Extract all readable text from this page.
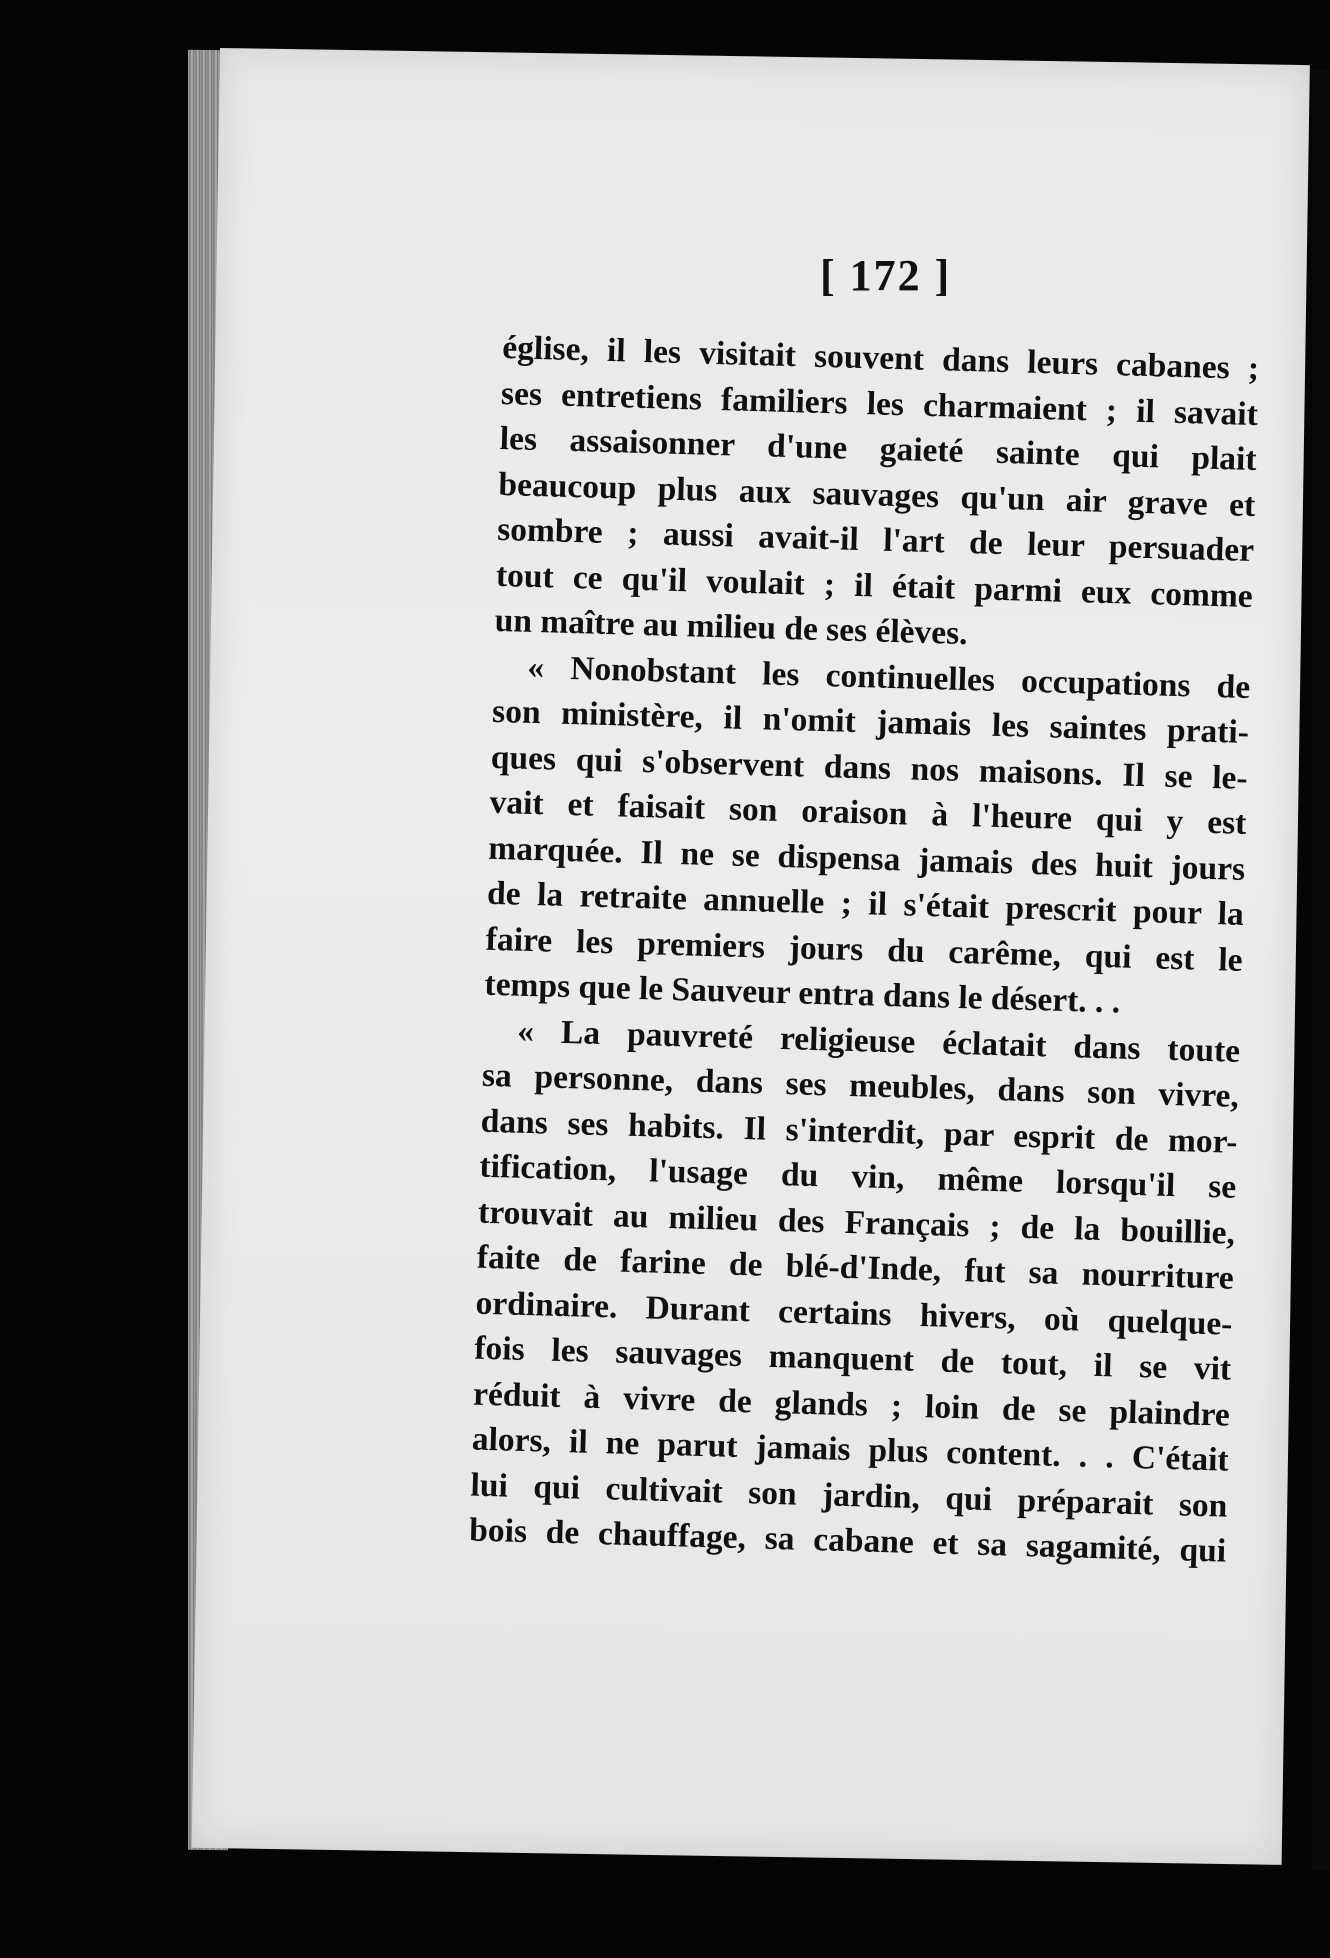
[ 172 ]

église, il les visitait souvent dans leurs cabanes ;
ses entretiens familiers les charmaient ; il savait
les assaisonner d'une gaieté sainte qui plait
beaucoup plus aux sauvages qu'un air grave et
sombre ; aussi avait-il l'art de leur persuader
tout ce qu'il voulait ; il était parmi eux comme
un maître au milieu de ses élèves.

« Nonobstant les continuelles occupations de
son ministère, il n'omit jamais les saintes prati-
ques qui s'observent dans nos maisons. Il se le-
vait et faisait son oraison à l'heure qui y est
marquée. Il ne se dispensa jamais des huit jours
de la retraite annuelle ; il s'était prescrit pour la
faire les premiers jours du carême, qui est le
temps que le Sauveur entra dans le désert. . .

« La pauvreté religieuse éclatait dans toute
sa personne, dans ses meubles, dans son vivre,
dans ses habits. Il s'interdit, par esprit de mor-
tification, l'usage du vin, même lorsqu'il se
trouvait au milieu des Français ; de la bouillie,
faite de farine de blé-d'Inde, fut sa nourriture
ordinaire. Durant certains hivers, où quelque-
fois les sauvages manquent de tout, il se vit
réduit à vivre de glands ; loin de se plaindre
alors, il ne parut jamais plus content. . . C'était
lui qui cultivait son jardin, qui préparait son
bois de chauffage, sa cabane et sa sagamité, qui
